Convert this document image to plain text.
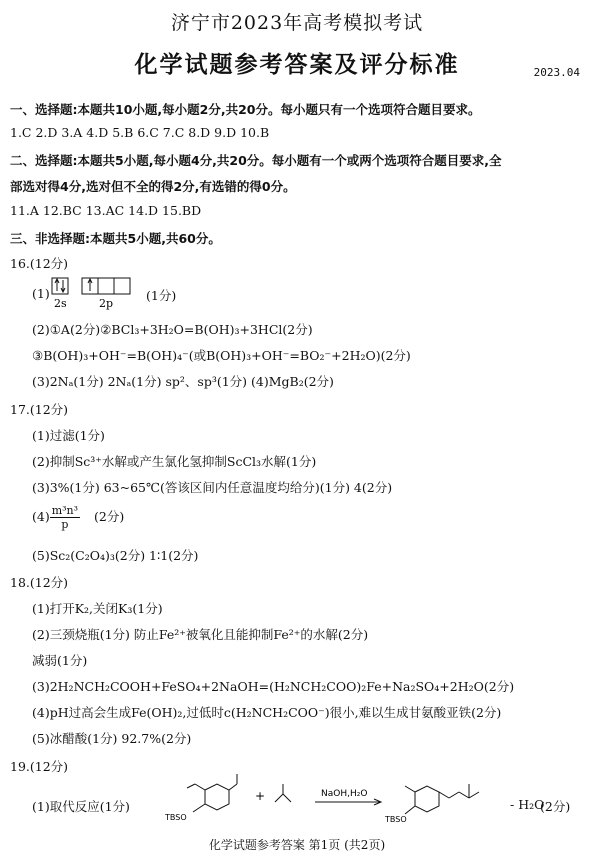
济宁市2023年高考模拟考试
化学试题参考答案及评分标准	2023.04
一、选择题:本题共10小题,每小题2分,共20分。每小题只有一个选项符合题目要求。
1.C 2.D 3.A 4.D 5.B 6.C 7.C 8.D 9.D 10.B
二、选择题:本题共5小题,每小题4分,共20分。每小题有一个或两个选项符合题目要求,全
部选对得4分,选对但不全的得2分,有选错的得0分。
11.A 12.BC 13.AC 14.D 15.BD
三、非选择题:本题共5小题,共60分。
16.(12分)
(1)
2s	2p
(1分)
(2)①A(2分)②BCl₃+3H₂O=B(OH)₃+3HCl(2分)
③B(OH)₃+OH⁻=B(OH)₄⁻(或B(OH)₃+OH⁻=BO₂⁻+2H₂O)(2分)
(3)2Nₐ(1分) 2Nₐ(1分) sp²、sp³(1分) (4)MgB₂(2分)
17.(12分)
(1)过滤(1分)
(2)抑制Sc³⁺水解或产生氯化氢抑制ScCl₃水解(1分)
(3)3%(1分) 63~65℃(答该区间内任意温度均给分)(1分) 4(2分)
$(4) \frac{\text{m³n³}}{p} (2$分)
(5)Sc₂(C₂O₄)₃(2分) 1∶1(2分)
18.(12分)
(1)打开K₂,关闭K₃(1分)
(2)三颈烧瓶(1分) 防止Fe²⁺被氧化且能抑制Fe²⁺的水解(2分)
减弱(1分)
(3)2H₂NCH₂COOH+FeSO₄+2NaOH=(H₂NCH₂COO)₂Fe+Na₂SO₄+2H₂O(2分)
(4)pH过高会生成Fe(OH)₂,过低时c(H₂NCH₂COO⁻)很小,难以生成甘氨酸亚铁(2分)
(5)冰醋酸(1分) 92.7%(2分)
19.(12分)
(1)取代反应(1分)
TBSO
+	NaOH,H₂O
TBSO
- H₂O
(2分)
化学试题参考答案 第1页 (共2页)
